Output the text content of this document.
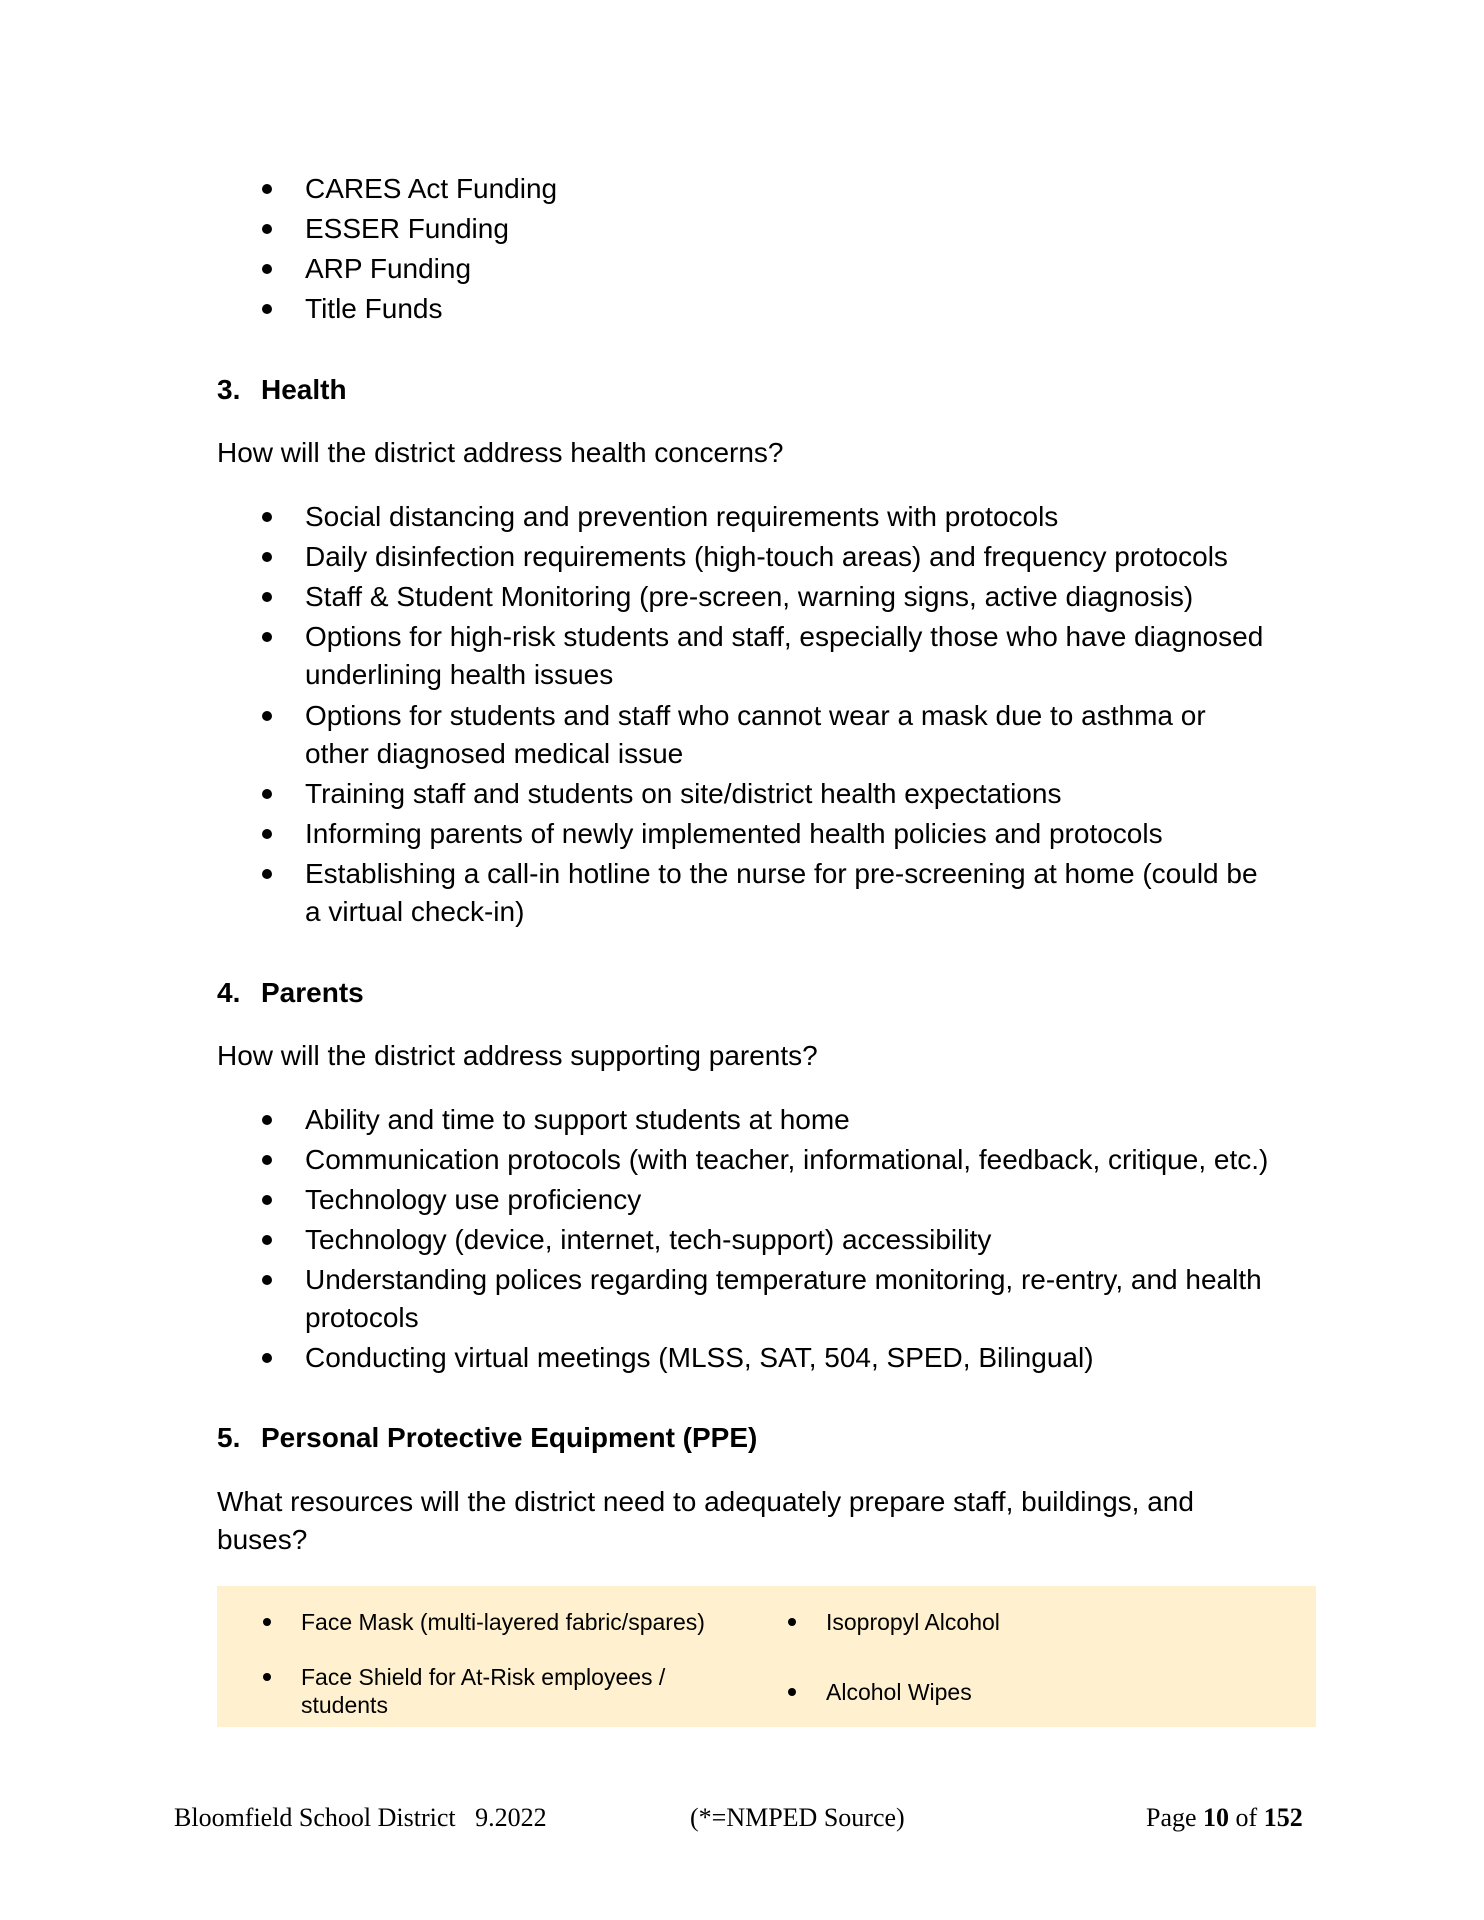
CARES Act Funding
ESSER Funding
ARP Funding
Title Funds
3. Health
How will the district address health concerns?
Social distancing and prevention requirements with protocols
Daily disinfection requirements (high-touch areas) and frequency protocols
Staff & Student Monitoring (pre-screen, warning signs, active diagnosis)
Options for high-risk students and staff, especially those who have diagnosed
underlining health issues
Options for students and staff who cannot wear a mask due to asthma or
other diagnosed medical issue
Training staff and students on site/district health expectations
Informing parents of newly implemented health policies and protocols
Establishing a call-in hotline to the nurse for pre-screening at home (could be
a virtual check-in)
4. Parents
How will the district address supporting parents?
Ability and time to support students at home
Communication protocols (with teacher, informational, feedback, critique, etc.)
Technology use proficiency
Technology (device, internet, tech-support) accessibility
Understanding polices regarding temperature monitoring, re-entry, and health
protocols
Conducting virtual meetings (MLSS, SAT, 504, SPED, Bilingual)
5. Personal Protective Equipment (PPE)
What resources will the district need to adequately prepare staff, buildings, and
buses?
Face Mask (multi-layered fabric/spares)	Isopropyl Alcohol
Face Shield for At-Risk employees /
students	Alcohol Wipes
Bloomfield School District 9.2022	(*=NMPED Source)	Page 10 of 152
